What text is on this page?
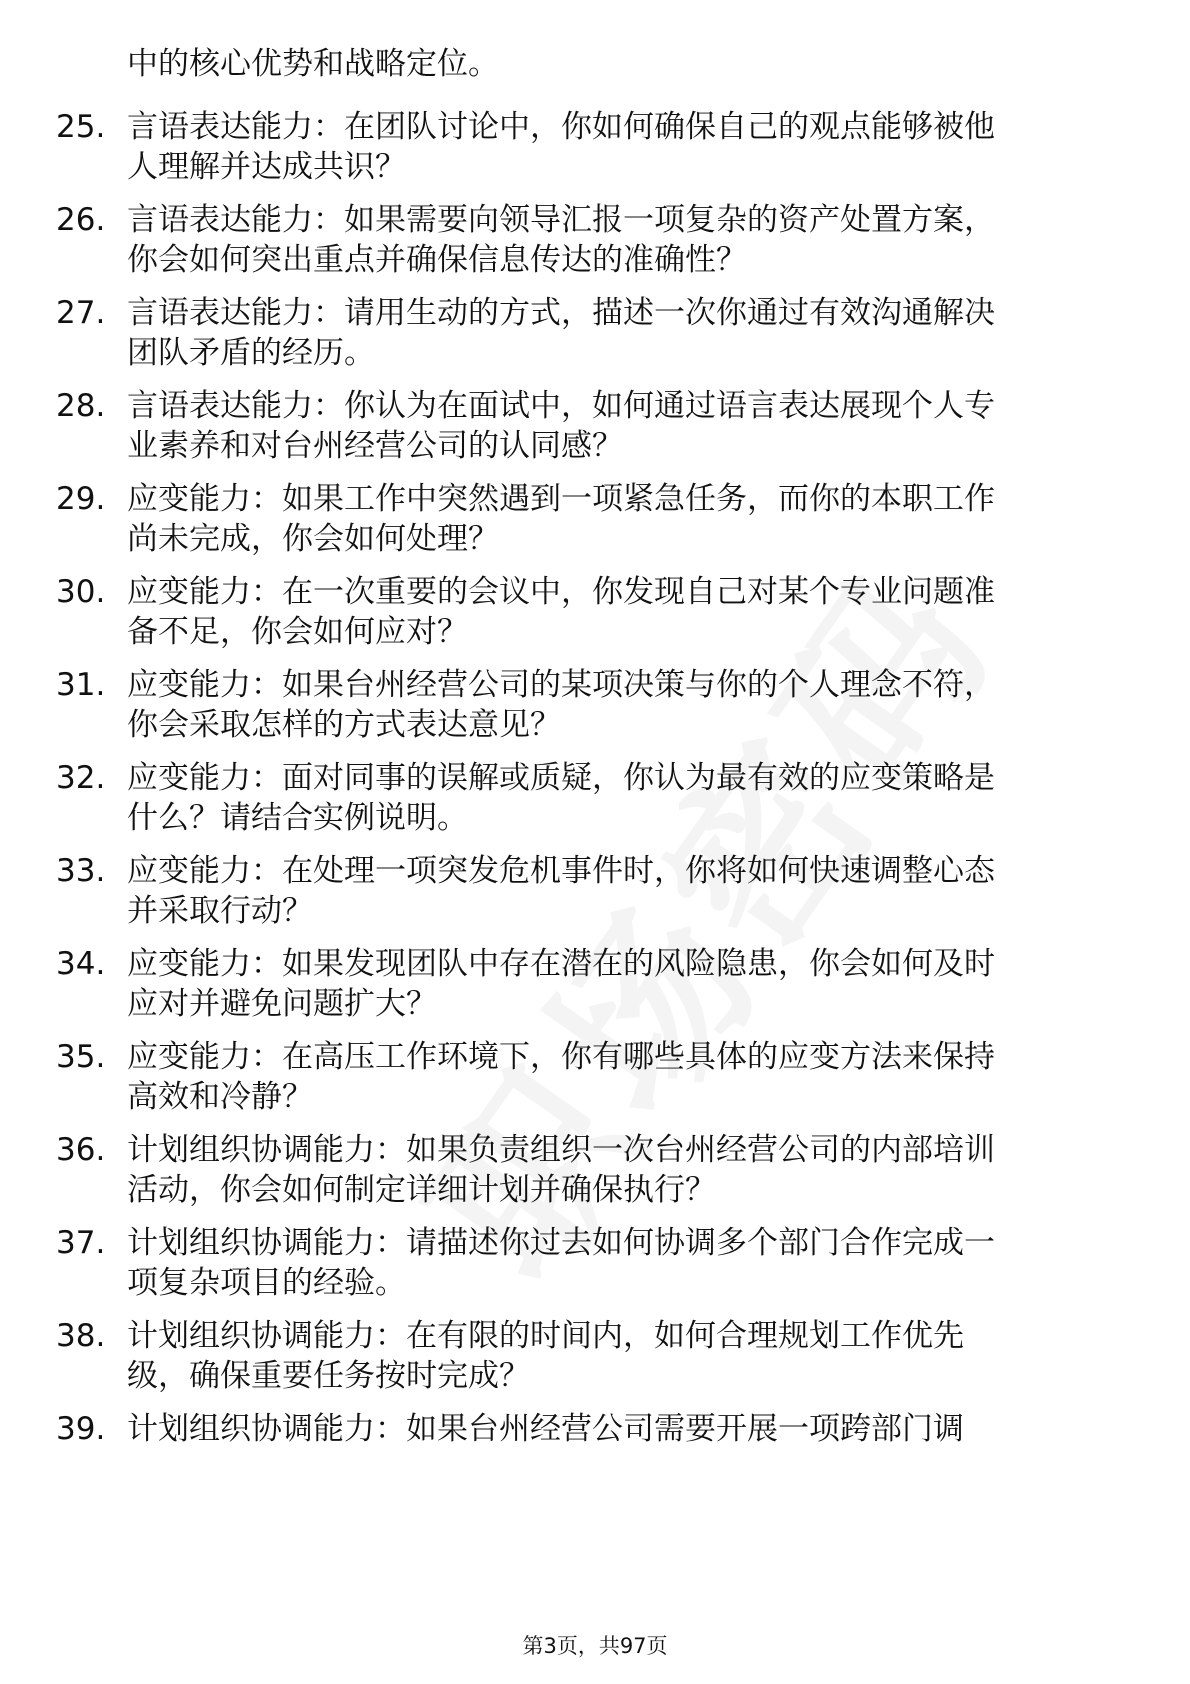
中的核心优势和战略定位。
25. 言语表达能力：在团队讨论中，你如何确保自己的观点能够被他
人理解并达成共识？
26. 言语表达能力：如果需要向领导汇报一项复杂的资产处置方案，
你会如何突出重点并确保信息传达的准确性？
27. 言语表达能力：请用生动的方式，描述一次你通过有效沟通解决
团队矛盾的经历。
28. 言语表达能力：你认为在面试中，如何通过语言表达展现个人专
业素养和对台州经营公司的认同感？
29. 应变能力：如果工作中突然遇到一项紧急任务，而你的本职工作
尚未完成，你会如何处理？
30. 应变能力：在一次重要的会议中，你发现自己对某个专业问题准
备不足，你会如何应对？
31. 应变能力：如果台州经营公司的某项决策与你的个人理念不符，
你会采取怎样的方式表达意见？
32. 应变能力：面对同事的误解或质疑，你认为最有效的应变策略是
什么？请结合实例说明。
33. 应变能力：在处理一项突发危机事件时，你将如何快速调整心态
并采取行动？
34. 应变能力：如果发现团队中存在潜在的风险隐患，你会如何及时
应对并避免问题扩大？
35. 应变能力：在高压工作环境下，你有哪些具体的应变方法来保持
高效和冷静？
36. 计划组织协调能力：如果负责组织一次台州经营公司的内部培训
活动，你会如何制定详细计划并确保执行？
37. 计划组织协调能力：请描述你过去如何协调多个部门合作完成一
项复杂项目的经验。
38. 计划组织协调能力：在有限的时间内，如何合理规划工作优先
级，确保重要任务按时完成？
39. 计划组织协调能力：如果台州经营公司需要开展一项跨部门调
第3页，共97页
